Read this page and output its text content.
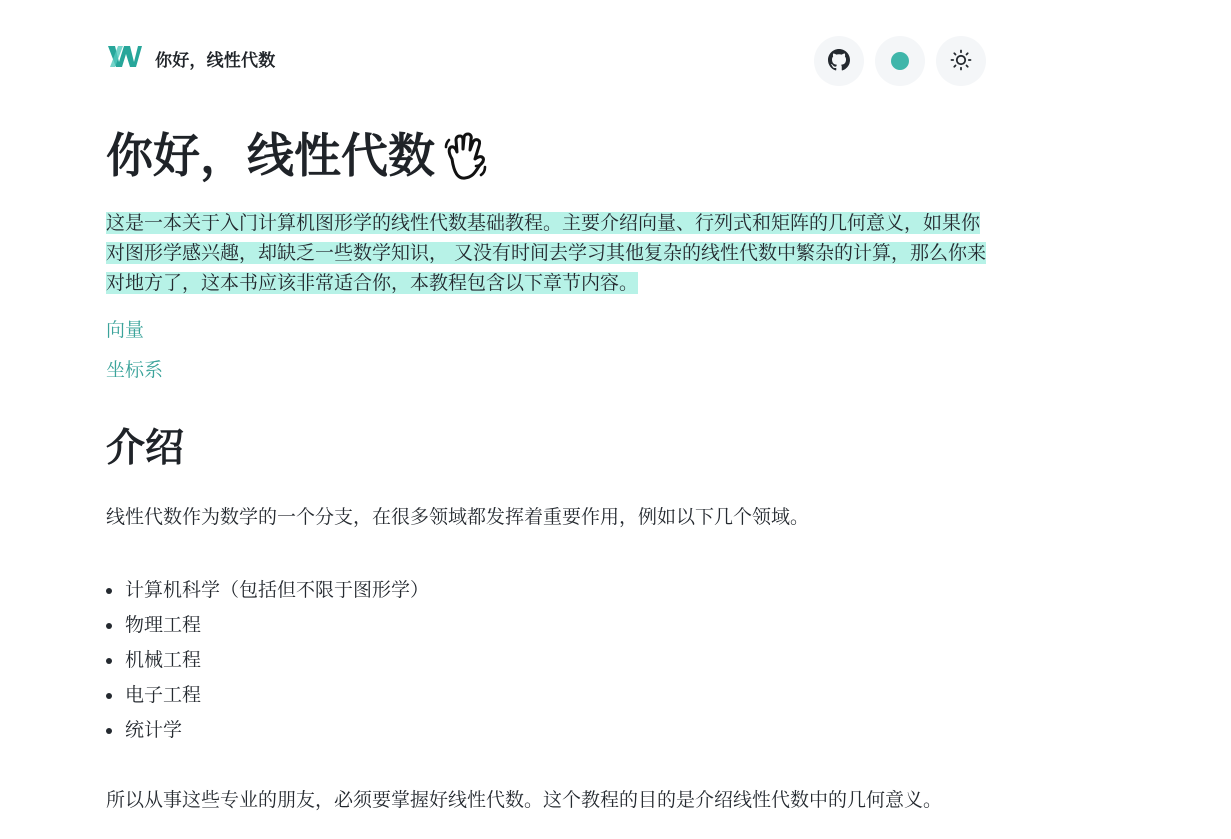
你好，线性代数
你好，线性代数

这是一本关于入门计算机图形学的线性代数基础教程。主要介绍向量、行列式和矩阵的几何意义，如果你对图形学感兴趣，却缺乏一些数学知识， 又没有时间去学习其他复杂的线性代数中繁杂的计算，那么你来对地方了，这本书应该非常适合你，本教程包含以下章节内容。

向量
坐标系
介绍

线性代数作为数学的一个分支，在很多领域都发挥着重要作用，例如以下几个领域。

计算机科学（包括但不限于图形学）
物理工程
机械工程
电子工程
统计学

所以从事这些专业的朋友，必须要掌握好线性代数。这个教程的目的是介绍线性代数中的几何意义。
